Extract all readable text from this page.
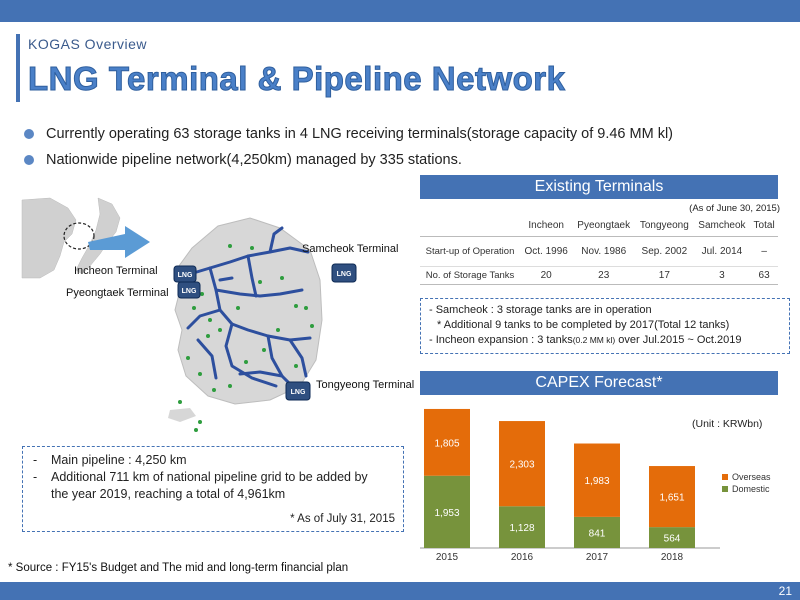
KOGAS Overview
LNG Terminal & Pipeline Network
Currently operating 63 storage tanks in 4 LNG receiving terminals(storage capacity of 9.46 MM kl)
Nationwide pipeline network(4,250km) managed by 335 stations.
LNG
LNG
LNG
LNG
Incheon Terminal
Pyeongtaek Terminal
Samcheok Terminal
Tongyeong Terminal
-	Main pipeline : 4,250 km
-	Additional 711 km of national pipeline grid to be added by
the year 2019, reaching a total of 4,961km
* As of July 31, 2015
* Source : FY15's Budget and The mid and long-term financial plan
Existing Terminals
(As of June 30, 2015)
	Incheon	Pyeongtaek	Tongyeong	Samcheok	Total
Start-up of Operation	Oct. 1996	Nov. 1986	Sep. 2002	Jul. 2014	–
No. of Storage Tanks	20	23	17	3	63
- Samcheok : 3 storage tanks are in operation
* Additional 9 tanks to be completed by 2017(Total 12 tanks)
- Incheon expansion : 3 tanks(0.2 MM kl) over Jul.2015 ~ Oct.2019
CAPEX Forecast*
(Unit : KRWbn)
1,953
1,805
2015
1,128
2,303
2016
841
1,983
2017
564
1,651
2018
Overseas
Domestic
21
